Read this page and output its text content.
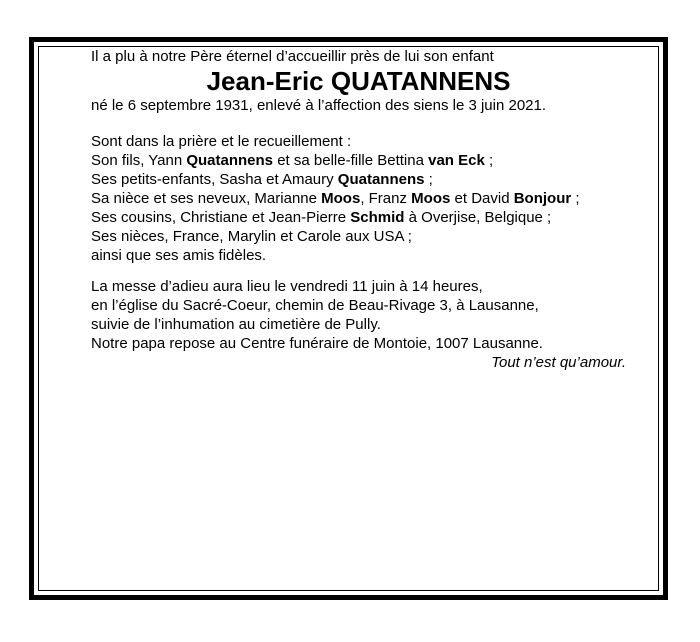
Il a plu à notre Père éternel d’accueillir près de lui son enfant

Jean-Eric QUATANNENS

né le 6 septembre 1931, enlevé à l’affection des siens le 3 juin 2021.

Sont dans la prière et le recueillement :
Son fils, Yann Quatannens et sa belle-fille Bettina van Eck ;
Ses petits-enfants, Sasha et Amaury Quatannens ;
Sa nièce et ses neveux, Marianne Moos, Franz Moos et David Bonjour ;
Ses cousins, Christiane et Jean-Pierre Schmid à Overjise, Belgique ;
Ses nièces, France, Marylin et Carole aux USA ;
ainsi que ses amis fidèles.
La messe d’adieu aura lieu le vendredi 11 juin à 14 heures,
en l’église du Sacré-Coeur, chemin de Beau-Rivage 3, à Lausanne,
suivie de l’inhumation au cimetière de Pully.

Notre papa repose au Centre funéraire de Montoie, 1007 Lausanne.

Tout n’est qu’amour.
